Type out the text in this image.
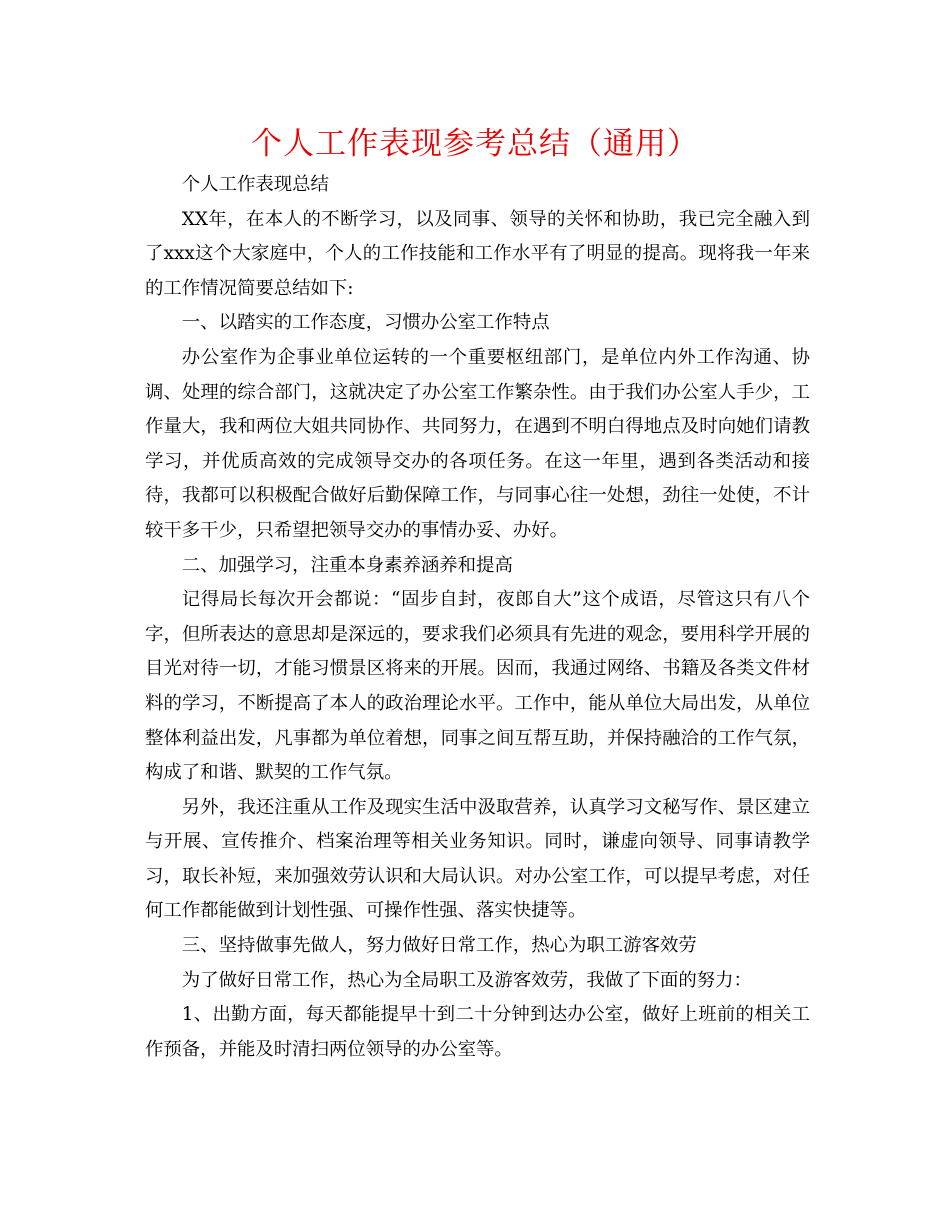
个人工作表现参考总结（通用）

个人工作表现总结

XX年，在本人的不断学习，以及同事、领导的关怀和协助，我已完全融入到了xxx这个大家庭中，个人的工作技能和工作水平有了明显的提高。现将我一年来的工作情况简要总结如下:

一、以踏实的工作态度，习惯办公室工作特点

办公室作为企事业单位运转的一个重要枢纽部门，是单位内外工作沟通、协调、处理的综合部门，这就决定了办公室工作繁杂性。由于我们办公室人手少，工作量大，我和两位大姐共同协作、共同努力，在遇到不明白得地点及时向她们请教学习，并优质高效的完成领导交办的各项任务。在这一年里，遇到各类活动和接待，我都可以积极配合做好后勤保障工作，与同事心往一处想，劲往一处使，不计较干多干少，只希望把领导交办的事情办妥、办好。

二、加强学习，注重本身素养涵养和提高

记得局长每次开会都说：“固步自封，夜郎自大”这个成语，尽管这只有八个字，但所表达的意思却是深远的，要求我们必须具有先进的观念，要用科学开展的目光对待一切，才能习惯景区将来的开展。因而，我通过网络、书籍及各类文件材料的学习，不断提高了本人的政治理论水平。工作中，能从单位大局出发，从单位整体利益出发，凡事都为单位着想，同事之间互帮互助，并保持融洽的工作气氛，构成了和谐、默契的工作气氛。

另外，我还注重从工作及现实生活中汲取营养，认真学习文秘写作、景区建立与开展、宣传推介、档案治理等相关业务知识。同时，谦虚向领导、同事请教学习，取长补短，来加强效劳认识和大局认识。对办公室工作，可以提早考虑，对任何工作都能做到计划性强、可操作性强、落实快捷等。

三、坚持做事先做人，努力做好日常工作，热心为职工游客效劳

为了做好日常工作，热心为全局职工及游客效劳，我做了下面的努力：

1、出勤方面，每天都能提早十到二十分钟到达办公室，做好上班前的相关工作预备，并能及时清扫两位领导的办公室等。
